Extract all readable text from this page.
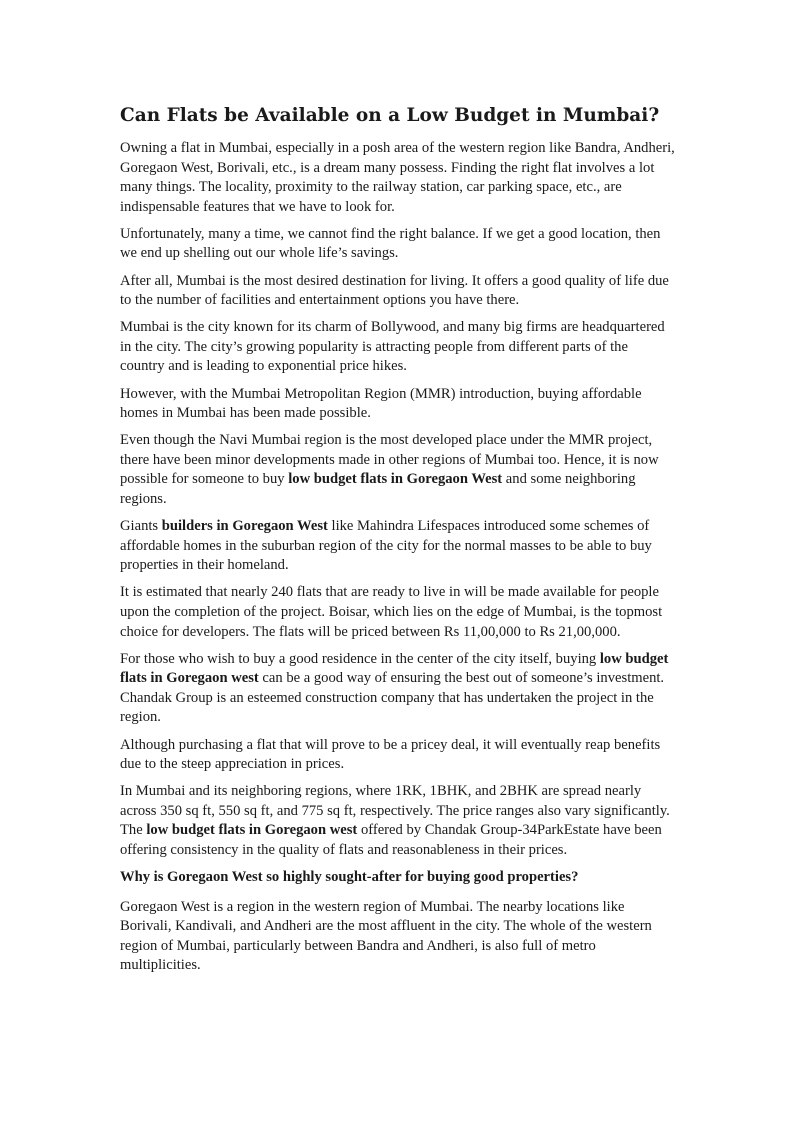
Can Flats be Available on a Low Budget in Mumbai?

Owning a flat in Mumbai, especially in a posh area of the western region like Bandra, Andheri, Goregaon West, Borivali, etc., is a dream many possess. Finding the right flat involves a lot many things. The locality, proximity to the railway station, car parking space, etc., are indispensable features that we have to look for.

Unfortunately, many a time, we cannot find the right balance. If we get a good location, then we end up shelling out our whole life’s savings.

After all, Mumbai is the most desired destination for living. It offers a good quality of life due to the number of facilities and entertainment options you have there.

Mumbai is the city known for its charm of Bollywood, and many big firms are headquartered in the city. The city’s growing popularity is attracting people from different parts of the country and is leading to exponential price hikes.

However, with the Mumbai Metropolitan Region (MMR) introduction, buying affordable homes in Mumbai has been made possible.

Even though the Navi Mumbai region is the most developed place under the MMR project, there have been minor developments made in other regions of Mumbai too. Hence, it is now possible for someone to buy low budget flats in Goregaon West and some neighboring regions.

Giants builders in Goregaon West like Mahindra Lifespaces introduced some schemes of affordable homes in the suburban region of the city for the normal masses to be able to buy properties in their homeland.

It is estimated that nearly 240 flats that are ready to live in will be made available for people upon the completion of the project. Boisar, which lies on the edge of Mumbai, is the topmost choice for developers. The flats will be priced between Rs 11,00,000 to Rs 21,00,000.

For those who wish to buy a good residence in the center of the city itself, buying low budget flats in Goregaon west can be a good way of ensuring the best out of someone’s investment. Chandak Group is an esteemed construction company that has undertaken the project in the region.

Although purchasing a flat that will prove to be a pricey deal, it will eventually reap benefits due to the steep appreciation in prices.

In Mumbai and its neighboring regions, where 1RK, 1BHK, and 2BHK are spread nearly across 350 sq ft, 550 sq ft, and 775 sq ft, respectively. The price ranges also vary significantly. The low budget flats in Goregaon west offered by Chandak Group-34ParkEstate have been offering consistency in the quality of flats and reasonableness in their prices.

Why is Goregaon West so highly sought-after for buying good properties?

Goregaon West is a region in the western region of Mumbai. The nearby locations like Borivali, Kandivali, and Andheri are the most affluent in the city. The whole of the western region of Mumbai, particularly between Bandra and Andheri, is also full of metro multiplicities.
